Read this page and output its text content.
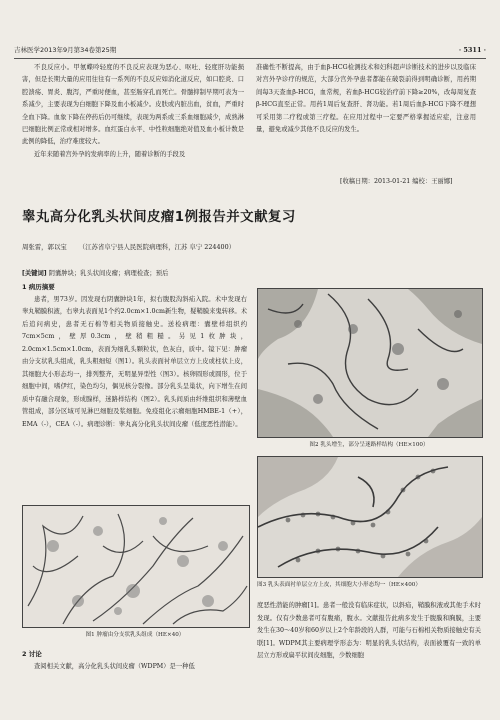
吉林医学2013年9月第34卷第25期	· 5311 ·

不良反应小。甲氨蝶呤轻度的不良反应表现为恶心、呕吐、轻度肝功能损害，但是长期大量的应用往往有一系列的不良反应如消化道反应，如口腔炎、口腔溃疡、胃炎、腹泻，严重时便血，甚至肠穿孔而死亡。骨髓抑制早期可表为一系减少，主要表现为白细胞下降及血小板减少。皮肤或内脏出血，贫血，严重时全血下降。血象下降在停药后仍可继续，表现为两系或三系血细胞减少，成熟淋巴细胞比例正常或相对增多。血红蛋白水平、中性粒细胞绝对值及血小板计数是此例的降低，治疗难度较大。

近年来随着宫外孕的发病率的上升，随着诊断的手段及

准确性不断提高，由于血β-HCG检测技术和妇科超声诊断技术的进步以及临床对宫外孕诊疗的规范，大部分宫外孕患者都能在破裂前得到明确诊断，用药期间每3天查血β-HCG，血常规，若血β-HCG较治疗前下降≥20%，改每周复查β-HCG直至正常。用药1周后复查肝、肾功能。若1周后血β-HCG下降不理想可采用第二疗程或第三疗程。在应用过程中一定要严格掌握适应症，注意用量，避免或减少其他不良反应的发生。

[收稿日期：2013-01-21 编校：王丽娜]
睾丸高分化乳头状间皮瘤1例报告并文献复习
周张雷，郭以宝 （江苏省阜宁县人民医院病理科，江苏 阜宁 224400）
[关键词] 阴囊肿块；乳头状间皮瘤；病理检查；预后
1 病历摘要

患者，男73岁。因发现右阴囊肿块1年，拟右腹股沟斜疝入院。术中发现右睾丸鞘膜积液，右睾丸表面见1个约2.0cm×1.0cm新生物，疑鞘膜来鬼转移。术后追问病史，患者无石棉等相关物质接触史。送检病理：囊壁样组织约7cm×5cm，壁厚0.3cm，壁稍粗糙。另见1枚肿块，2.0cm×1.5cm×1.0cm，表面为细乳头颗粒状，色灰白，质中。镜下见：肿瘤由分支状乳头组成，乳头粗细短（图1）。乳头表面衬单层立方上皮或柱状上皮，其细胞大小形态均一，排列整齐，无明显异型性（图3）。核卵圆形或圆形，位于细胞中间，嗜伊红，染色均匀，偶见核分裂像。部分乳头呈巢状，向下增生在间质中有融合现象，形成腺样，迷路样结构（图2）。乳头间质由纤维组织和薄壁血管组成，部分区域可见淋巴细胞及浆细胞。免疫组化示瘤细胞HMBE-1（+），EMA（-），CEA（-）。病理诊断：睾丸高分化乳头状间皮瘤（低度恶性潜能）。

图1 肿瘤由分支状乳头组成（HE×40）
图2 乳头增生，部分呈迷路样结构（HE×100）
图3 乳头表面衬单层立方上皮，其细胞大小形态均一（HE×400）

度恶性潜能的肿瘤[1]。患者一般没有临床症状，以斜疝，鞘膜积液或其他手术时发现。仅有少数患者可有腹痛，腹水。文献报告此病多发生于腹膜和胸膜，主要发生在30～40岁和60岁以上2个年龄段的人群，可能与石棉相关物质接触史有关联[1]。WDPM其主要病理学形态为：明显的乳头状结构，表面被覆有一致的单层立方形或扁平状间皮细胞，少数细胞

2 讨论

查阅相关文献，高分化乳头状间皮瘤（WDPM）是一种低
